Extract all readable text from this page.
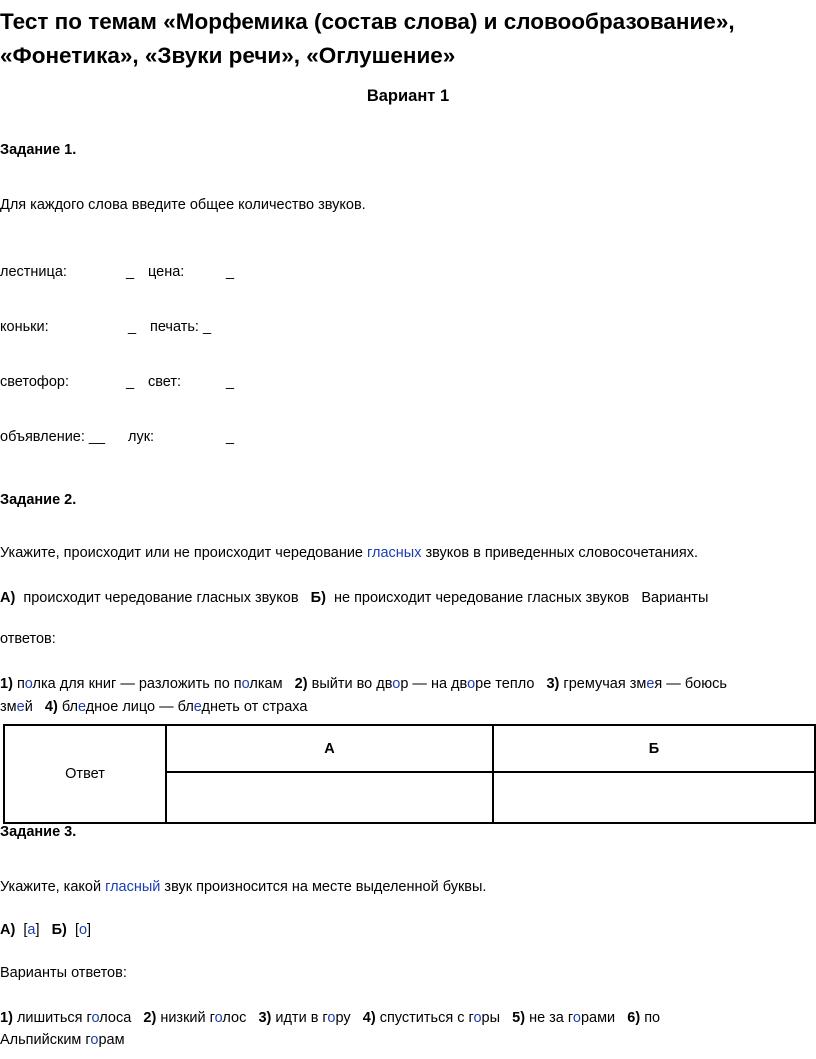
Тест по темам «Морфемика (состав слова) и словообразование», «Фонетика», «Звуки речи», «Оглушение»
Вариант 1
Задание 1.
Для каждого слова введите общее количество звуков.
лестница:	_ цена:	_
коньки:	_ печать: _
светофор:	_ свет:	_
объявление: __ лук:	_
Задание 2.
Укажите, происходит или не происходит чередование гласных звуков в приведенных словосочетаниях.
А) происходит чередование гласных звуков Б) не происходит чередование гласных звуков Варианты
ответов:
1) полка для книг — разложить по полкам 2) выйти во двор — на дворе тепло 3) гремучая змея — боюсь
змей 4) бледное лицо — бледнеть от страха
Ответ	А	Б

Задание 3.
Укажите, какой гласный звук произносится на месте выделенной буквы.
А) [а] Б) [о]
Варианты ответов:
1) лишиться голоса 2) низкий голос 3) идти в гору 4) спуститься с горы 5) не за горами 6) по
Альпийским горам
